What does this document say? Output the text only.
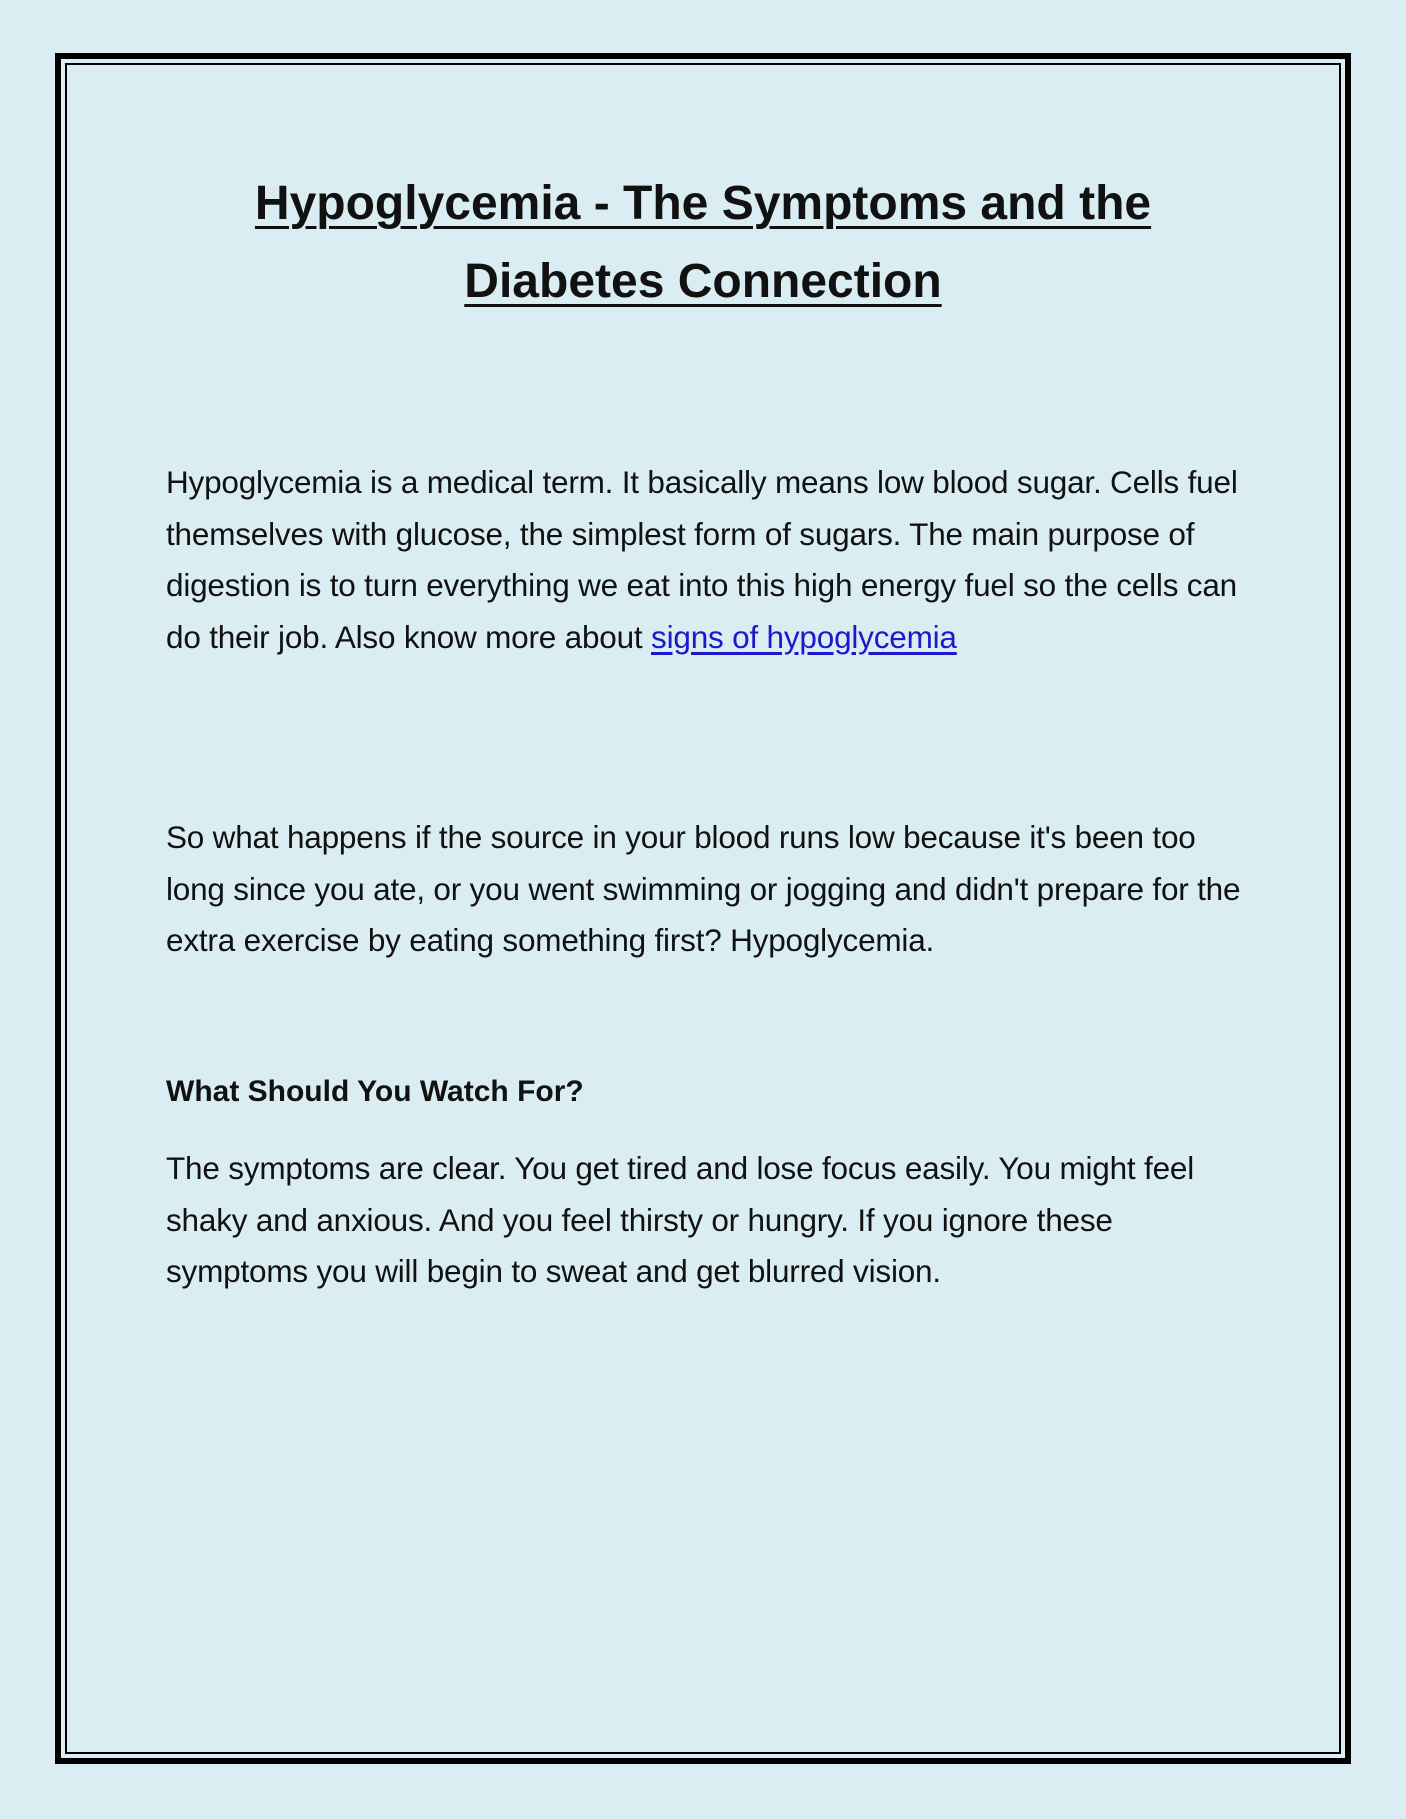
Hypoglycemia - The Symptoms and the Diabetes Connection

Hypoglycemia is a medical term. It basically means low blood sugar. Cells fuel themselves with glucose, the simplest form of sugars. The main purpose of digestion is to turn everything we eat into this high energy fuel so the cells can do their job. Also know more about signs of hypoglycemia

So what happens if the source in your blood runs low because it's been too long since you ate, or you went swimming or jogging and didn't prepare for the extra exercise by eating something first? Hypoglycemia.

What Should You Watch For?

The symptoms are clear. You get tired and lose focus easily. You might feel shaky and anxious. And you feel thirsty or hungry. If you ignore these symptoms you will begin to sweat and get blurred vision.
